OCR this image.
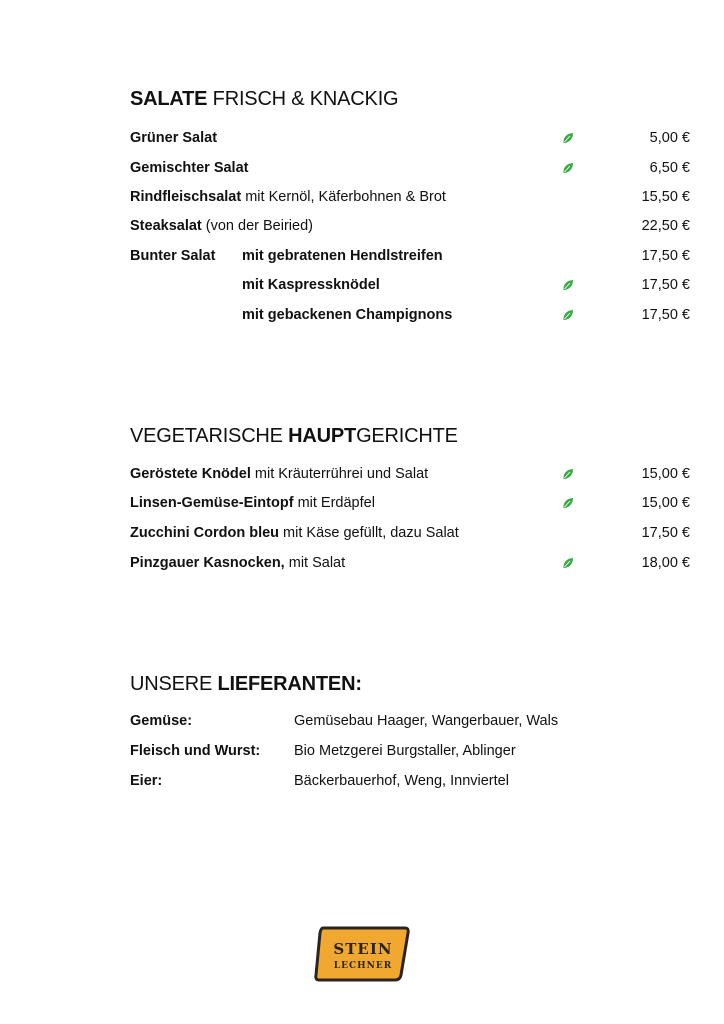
SALATE FRISCH & KNACKIG
Grüner Salat	5,00 €
Gemischter Salat	6,50 €
Rindfleischsalat mit Kernöl, Käferbohnen & Brot	15,50 €
Steaksalat (von der Beiried)	22,50 €
Bunter Salat mit gebratenen Hendlstreifen	17,50 €
mit Kaspressknödel	17,50 €
mit gebackenen Champignons	17,50 €
VEGETARISCHE HAUPTGERICHTE
Geröstete Knödel mit Kräuterrührei und Salat	15,00 €
Linsen-Gemüse-Eintopf mit Erdäpfel	15,00 €
Zucchini Cordon bleu mit Käse gefüllt, dazu Salat	17,50 €
Pinzgauer Kasnocken, mit Salat	18,00 €
UNSERE LIEFERANTEN:
Gemüse:	Gemüsebau Haager, Wangerbauer, Wals
Fleisch und Wurst: Bio Metzgerei Burgstaller, Ablinger
Eier:	Bäckerbauerhof, Weng, Innviertel
STEIN
LECHNER
